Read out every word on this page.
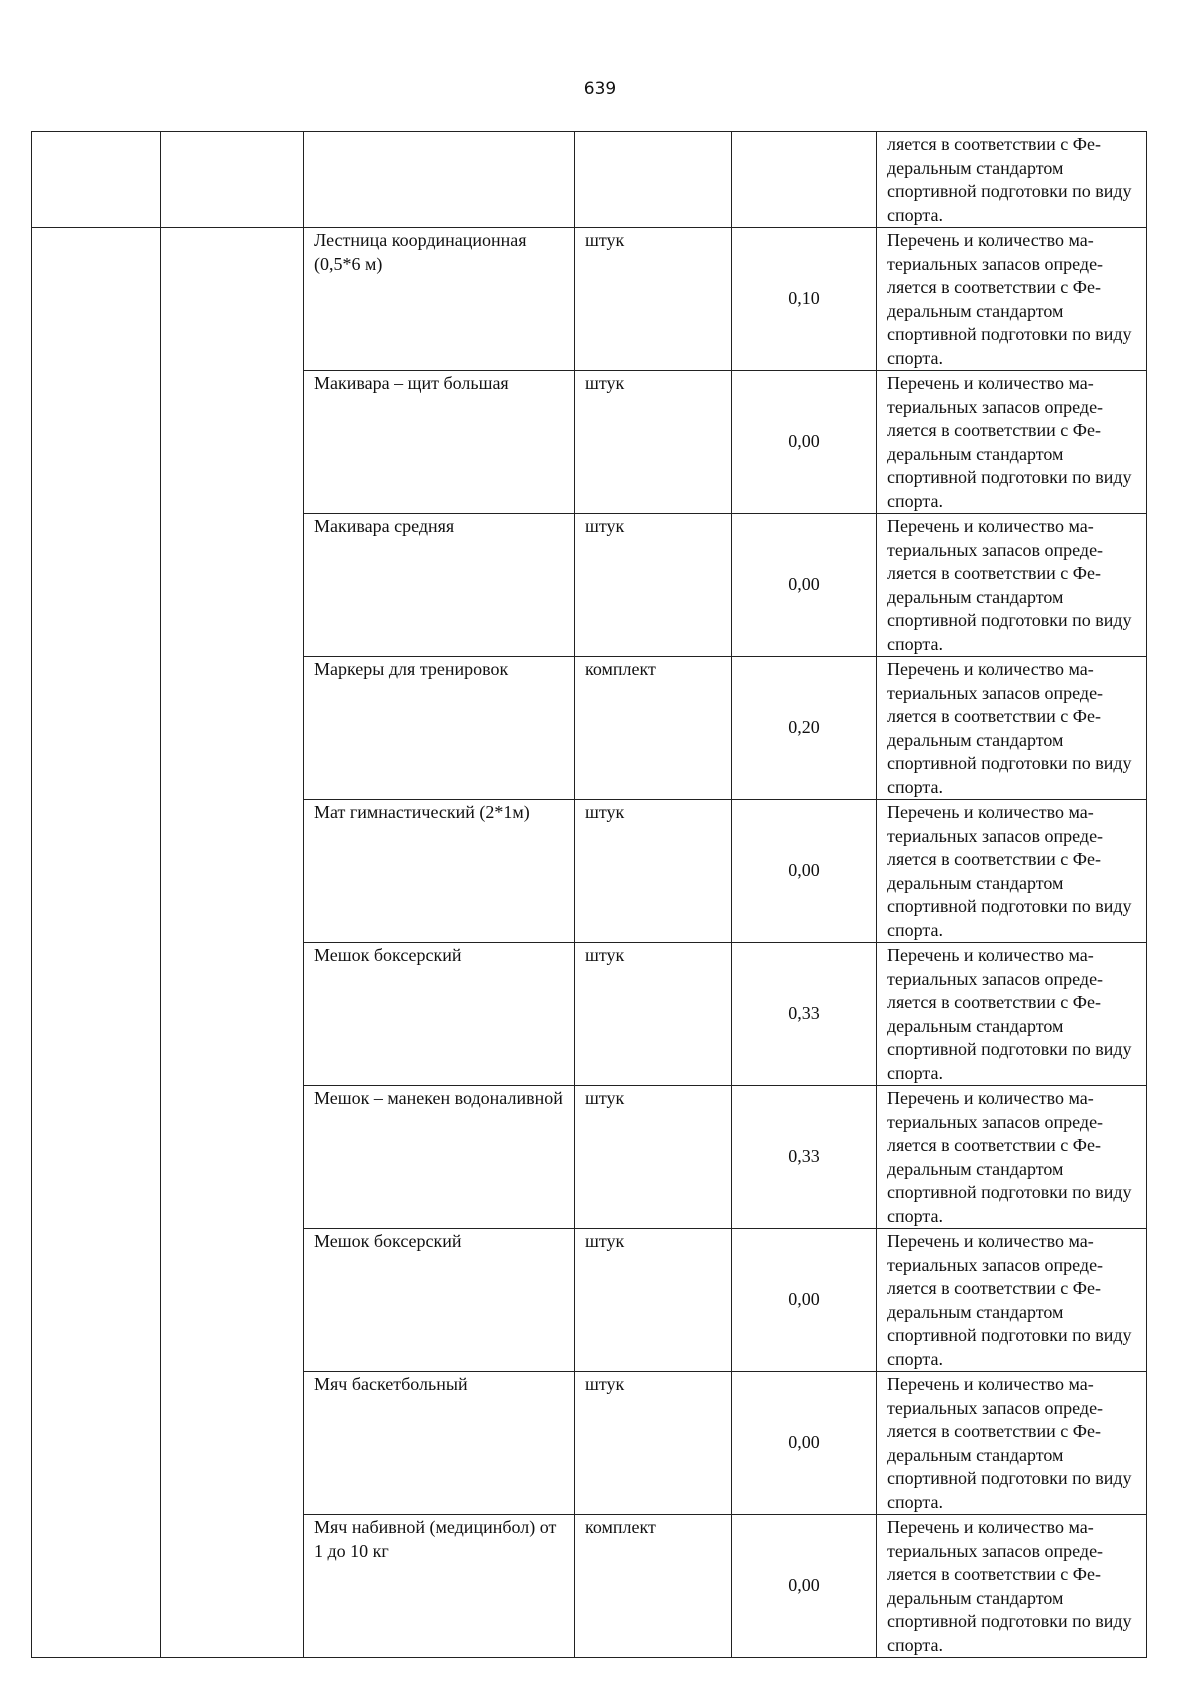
639
					ляется в соответствии с Фе-деральным стандартом спортивной подготовки по виду спорта.
		Лестница координационная (0,5*6 м)	штук	0,10	Перечень и количество ма-териальных запасов опреде-ляется в соответствии с Фе-деральным стандартом спортивной подготовки по виду спорта.
		Макивара – щит большая	штук	0,00	Перечень и количество ма-териальных запасов опреде-ляется в соответствии с Фе-деральным стандартом спортивной подготовки по виду спорта.
		Макивара средняя	штук	0,00	Перечень и количество ма-териальных запасов опреде-ляется в соответствии с Фе-деральным стандартом спортивной подготовки по виду спорта.
		Маркеры для тренировок	комплект	0,20	Перечень и количество ма-териальных запасов опреде-ляется в соответствии с Фе-деральным стандартом спортивной подготовки по виду спорта.
		Мат гимнастический (2*1м)	штук	0,00	Перечень и количество ма-териальных запасов опреде-ляется в соответствии с Фе-деральным стандартом спортивной подготовки по виду спорта.
		Мешок боксерский	штук	0,33	Перечень и количество ма-териальных запасов опреде-ляется в соответствии с Фе-деральным стандартом спортивной подготовки по виду спорта.
		Мешок – манекен водоналивной	штук	0,33	Перечень и количество ма-териальных запасов опреде-ляется в соответствии с Фе-деральным стандартом спортивной подготовки по виду спорта.
		Мешок боксерский	штук	0,00	Перечень и количество ма-териальных запасов опреде-ляется в соответствии с Фе-деральным стандартом спортивной подготовки по виду спорта.
		Мяч баскетбольный	штук	0,00	Перечень и количество ма-териальных запасов опреде-ляется в соответствии с Фе-деральным стандартом спортивной подготовки по виду спорта.
		Мяч набивной (медицинбол) от 1 до 10 кг	комплект	0,00	Перечень и количество ма-териальных запасов опреде-ляется в соответствии с Фе-деральным стандартом спортивной подготовки по виду спорта.
